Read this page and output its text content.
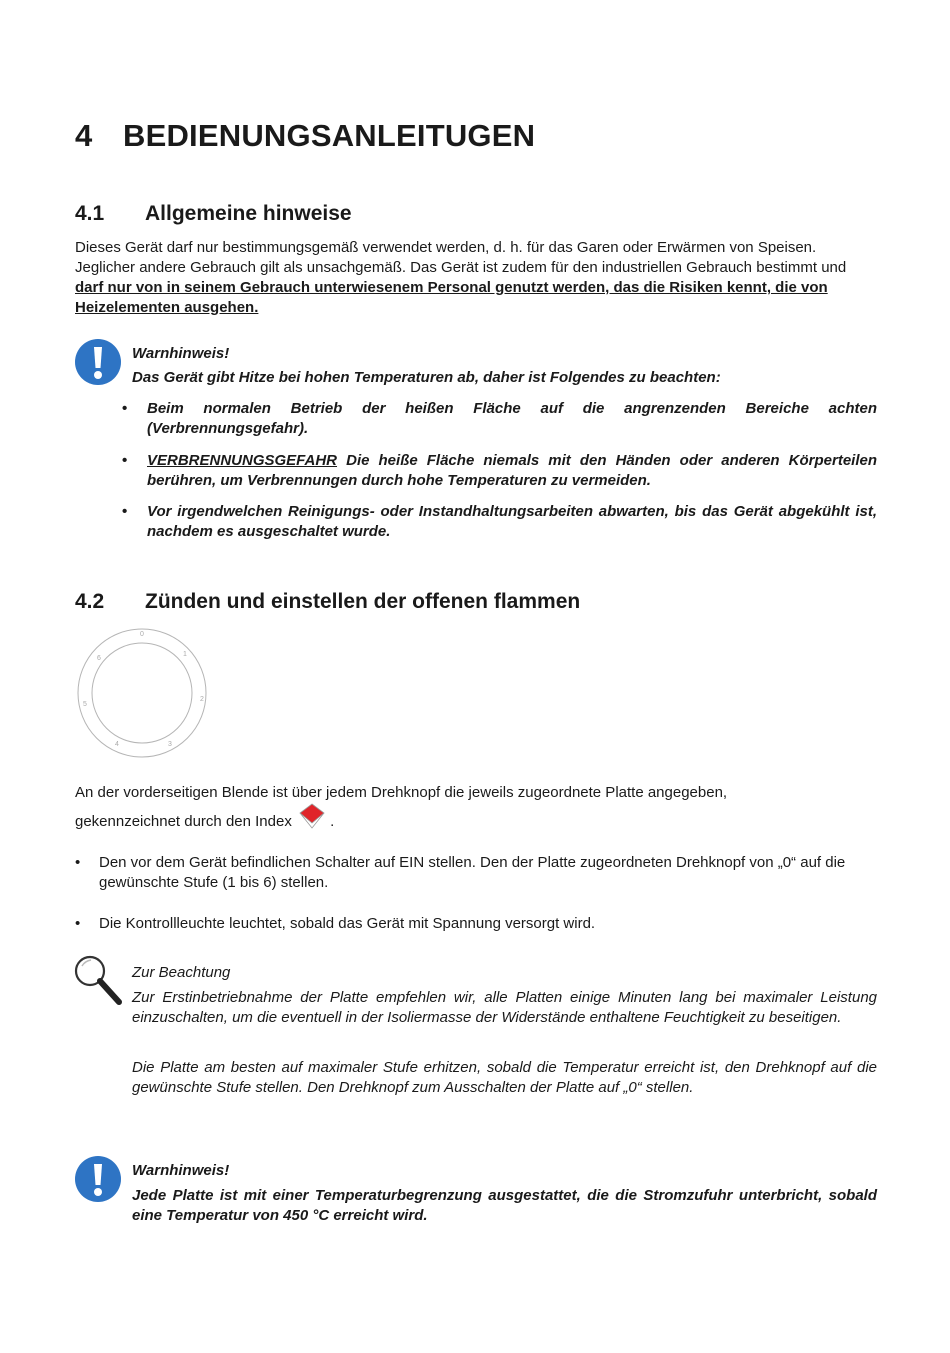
4 BEDIENUNGSANLEITUGEN
4.1 Allgemeine hinweise
Dieses Gerät darf nur bestimmungsgemäß verwendet werden, d. h. für das Garen oder Erwärmen von Speisen. Jeglicher andere Gebrauch gilt als unsachgemäß. Das Gerät ist zudem für den industriellen Gebrauch bestimmt und darf nur von in seinem Gebrauch unterwiesenem Personal genutzt werden, das die Risiken kennt, die von Heizelementen ausgehen.
Warnhinweis!
Das Gerät gibt Hitze bei hohen Temperaturen ab, daher ist Folgendes zu beachten:
• Beim normalen Betrieb der heißen Fläche auf die angrenzenden Bereiche achten (Verbrennungsgefahr).
• VERBRENNUNGSGEFAHR Die heiße Fläche niemals mit den Händen oder anderen Körperteilen berühren, um Verbrennungen durch hohe Temperaturen zu vermeiden.
• Vor irgendwelchen Reinigungs- oder Instandhaltungsarbeiten abwarten, bis das Gerät abgekühlt ist, nachdem es ausgeschaltet wurde.
4.2 Zünden und einstellen der offenen flammen
0
1
2
3
4
5
6
An der vorderseitigen Blende ist über jedem Drehknopf die jeweils zugeordnete Platte angegeben,
gekennzeichnet durch den Index	.
• Den vor dem Gerät befindlichen Schalter auf EIN stellen. Den der Platte zugeordneten Drehknopf von „0“ auf die gewünschte Stufe (1 bis 6) stellen.
• Die Kontrollleuchte leuchtet, sobald das Gerät mit Spannung versorgt wird.
Zur Beachtung
Zur Erstinbetriebnahme der Platte empfehlen wir, alle Platten einige Minuten lang bei maximaler Leistung einzuschalten, um die eventuell in der Isoliermasse der Widerstände enthaltene Feuchtigkeit zu beseitigen.
Die Platte am besten auf maximaler Stufe erhitzen, sobald die Temperatur erreicht ist, den Drehknopf auf die gewünschte Stufe stellen. Den Drehknopf zum Ausschalten der Platte auf „0“ stellen.
Warnhinweis!
Jede Platte ist mit einer Temperaturbegrenzung ausgestattet, die die Stromzufuhr unterbricht, sobald eine Temperatur von 450 °C erreicht wird.
